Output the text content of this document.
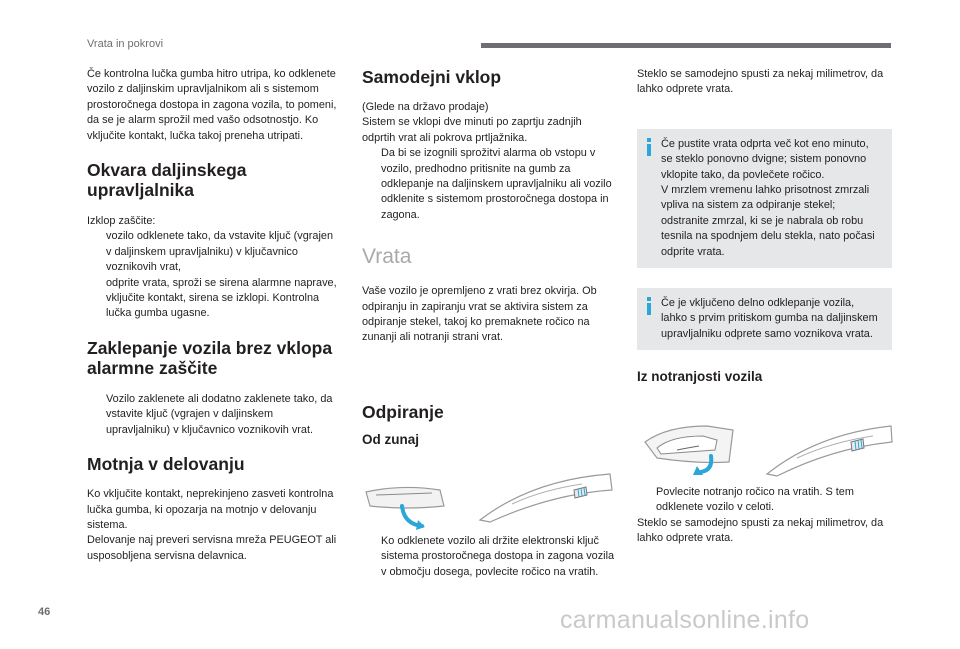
Vrata in pokrovi

Če kontrolna lučka gumba hitro utripa, ko odklenete vozilo z daljinskim upravljalnikom ali s sistemom prostoročnega dostopa in zagona vozila, to pomeni, da se je alarm sprožil med vašo odsotnostjo. Ko vključite kontakt, lučka takoj preneha utripati.

Okvara daljinskega upravljalnika

Izklop zaščite:

vozilo odklenete tako, da vstavite ključ (vgrajen v daljinskem upravljalniku) v ključavnico voznikovih vrat,

odprite vrata, sproži se sirena alarmne naprave,

vključite kontakt, sirena se izklopi. Kontrolna lučka gumba ugasne.

Zaklepanje vozila brez vklopa alarmne zaščite

Vozilo zaklenete ali dodatno zaklenete tako, da vstavite ključ (vgrajen v daljinskem upravljalniku) v ključavnico voznikovih vrat.

Motnja v delovanju

Ko vključite kontakt, neprekinjeno zasveti kontrolna lučka gumba, ki opozarja na motnjo v delovanju sistema.

Delovanje naj preveri servisna mreža PEUGEOT ali usposobljena servisna delavnica.

Samodejni vklop

(Glede na državo prodaje)

Sistem se vklopi dve minuti po zaprtju zadnjih odprtih vrat ali pokrova prtljažnika.

Da bi se izognili sprožitvi alarma ob vstopu v vozilo, predhodno pritisnite na gumb za odklepanje na daljinskem upravljalniku ali vozilo odklenite s sistemom prostoročnega dostopa in zagona.

Vrata

Vaše vozilo je opremljeno z vrati brez okvirja. Ob odpiranju in zapiranju vrat se aktivira sistem za odpiranje stekel, takoj ko premaknete ročico na zunanji ali notranji strani vrat.

Odpiranje
Od zunaj

Ko odklenete vozilo ali držite elektronski ključ sistema prostoročnega dostopa in zagona vozila v območju dosega, povlecite ročico na vratih.

Steklo se samodejno spusti za nekaj milimetrov, da lahko odprete vrata.

Če pustite vrata odprta več kot eno minuto, se steklo ponovno dvigne; sistem ponovno vklopite tako, da povlečete ročico.

V mrzlem vremenu lahko prisotnost zmrzali vpliva na sistem za odpiranje stekel; odstranite zmrzal, ki se je nabrala ob robu tesnila na spodnjem delu stekla, nato počasi odprite vrata.

Če je vključeno delno odklepanje vozila, lahko s prvim pritiskom gumba na daljinskem upravljalniku odprete samo voznikova vrata.

Iz notranjosti vozila

Povlecite notranjo ročico na vratih. S tem odklenete vozilo v celoti.

Steklo se samodejno spusti za nekaj milimetrov, da lahko odprete vrata.

46	carmanualsonline.info
